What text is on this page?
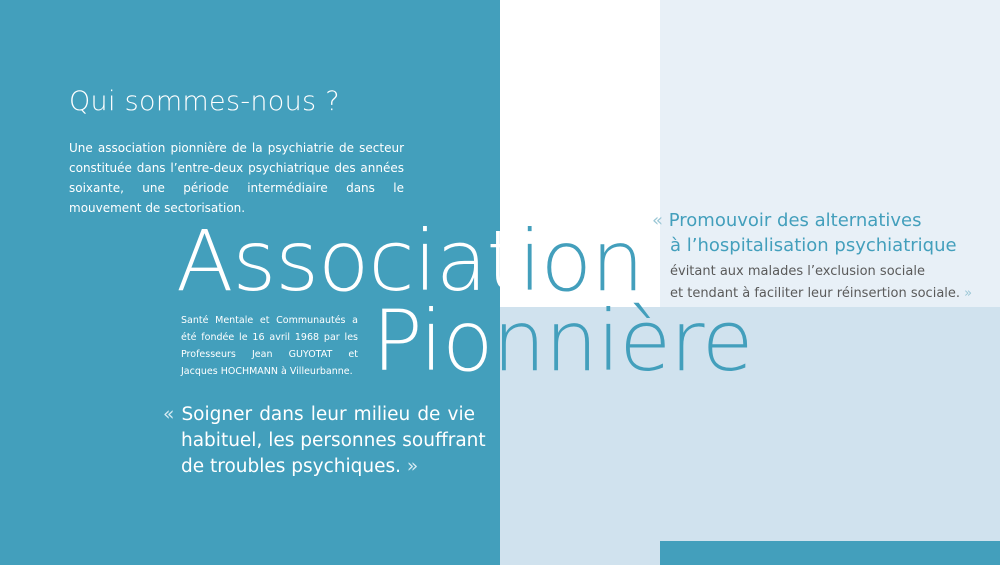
Qui sommes-nous ?

Une association pionnière de la psychiatrie de secteur constituée dans l’entre-deux psychiatrique des années soixante, une période intermédiaire dans le mouvement de sectorisation.

Association
Pionnière

Santé Mentale et Communautés a été fondée le 16 avril 1968 par les Professeurs Jean GUYOTAT et Jacques HOCHMANN à Villeurbanne.

« Soigner dans leur milieu de vie
habituel, les personnes souffrant
de troubles psychiques. »
« Promouvoir des alternatives
à l’hospitalisation psychiatrique
évitant aux malades l’exclusion sociale
et tendant à faciliter leur réinsertion sociale. »
